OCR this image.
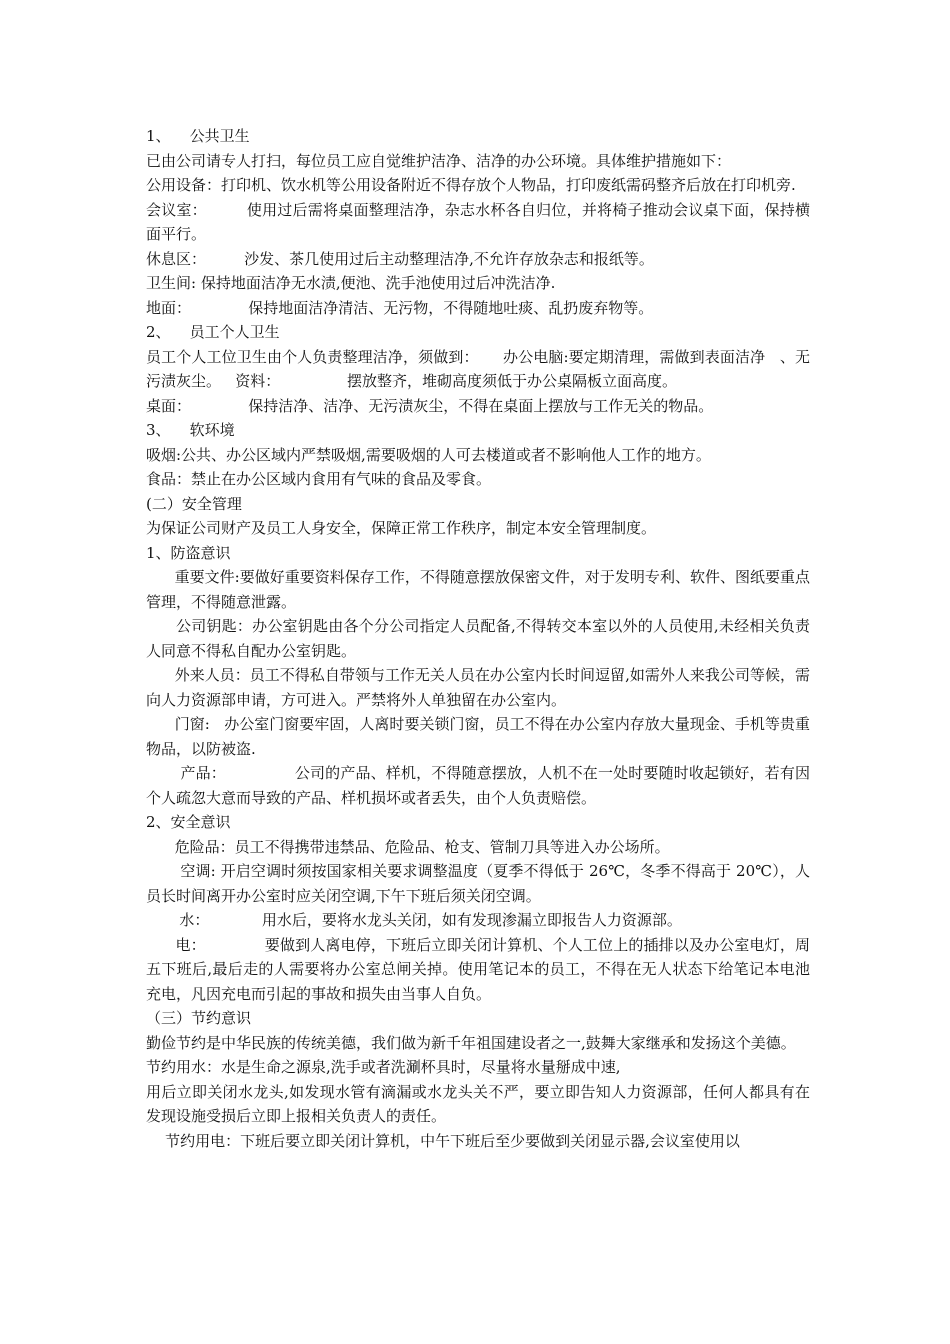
1、    公共卫生

已由公司请专人打扫，每位员工应自觉维护洁净、洁净的办公环境。具体维护措施如下：

公用设备：打印机、饮水机等公用设备附近不得存放个人物品，打印废纸需码整齐后放在打印机旁.

会议室：        使用过后需将桌面整理洁净，杂志水杯各自归位，并将椅子推动会议桌下面，保持横面平行。

休息区：        沙发、茶几使用过后主动整理洁净,不允许存放杂志和报纸等。

卫生间: 保持地面洁净无水渍,便池、洗手池使用过后冲洗洁净.

地面：            保持地面洁净清洁、无污物，不得随地吐痰、乱扔废弃物等。

2、    员工个人卫生

员工个人工位卫生由个人负责整理洁净，须做到：     办公电脑:要定期清理，需做到表面洁净   、无污渍灰尘。   资料：              摆放整齐，堆砌高度须低于办公桌隔板立面高度。

桌面：            保持洁净、洁净、无污渍灰尘，不得在桌面上摆放与工作无关的物品。

3、    软环境

吸烟:公共、办公区域内严禁吸烟,需要吸烟的人可去楼道或者不影响他人工作的地方。

食品：禁止在办公区域内食用有气味的食品及零食。

(二）安全管理

为保证公司财产及员工人身安全，保障正常工作秩序，制定本安全管理制度。

1、防盗意识

重要文件:要做好重要资料保存工作，不得随意摆放保密文件，对于发明专利、软件、图纸要重点管理，不得随意泄露。

公司钥匙：办公室钥匙由各个分公司指定人员配备,不得转交本室以外的人员使用,未经相关负责人同意不得私自配办公室钥匙。

外来人员：员工不得私自带领与工作无关人员在办公室内长时间逗留,如需外人来我公司等候，需向人力资源部申请，方可进入。严禁将外人单独留在办公室内。

门窗:   办公室门窗要牢固，人离时要关锁门窗，员工不得在办公室内存放大量现金、手机等贵重物品，以防被盗.

产品：              公司的产品、样机，不得随意摆放，人机不在一处时要随时收起锁好，若有因个人疏忽大意而导致的产品、样机损坏或者丢失，由个人负责赔偿。

2、安全意识

危险品：员工不得携带违禁品、危险品、枪支、管制刀具等进入办公场所。

空调: 开启空调时须按国家相关要求调整温度（夏季不得低于 26℃，冬季不得高于 20℃），人员长时间离开办公室时应关闭空调,下午下班后须关闭空调。

水：           用水后，要将水龙头关闭，如有发现渗漏立即报告人力资源部。

电：            要做到人离电停，下班后立即关闭计算机、个人工位上的插排以及办公室电灯，周五下班后,最后走的人需要将办公室总闸关掉。使用笔记本的员工，不得在无人状态下给笔记本电池充电，凡因充电而引起的事故和损失由当事人自负。

（三）节约意识

勤俭节约是中华民族的传统美德，我们做为新千年祖国建设者之一,鼓舞大家继承和发扬这个美德。

节约用水：水是生命之源泉,洗手或者洗涮杯具时，尽量将水量掰成中速,

用后立即关闭水龙头,如发现水管有滴漏或水龙头关不严，要立即告知人力资源部，任何人都具有在发现设施受损后立即上报相关负责人的责任。

节约用电：下班后要立即关闭计算机，中午下班后至少要做到关闭显示器,会议室使用以
